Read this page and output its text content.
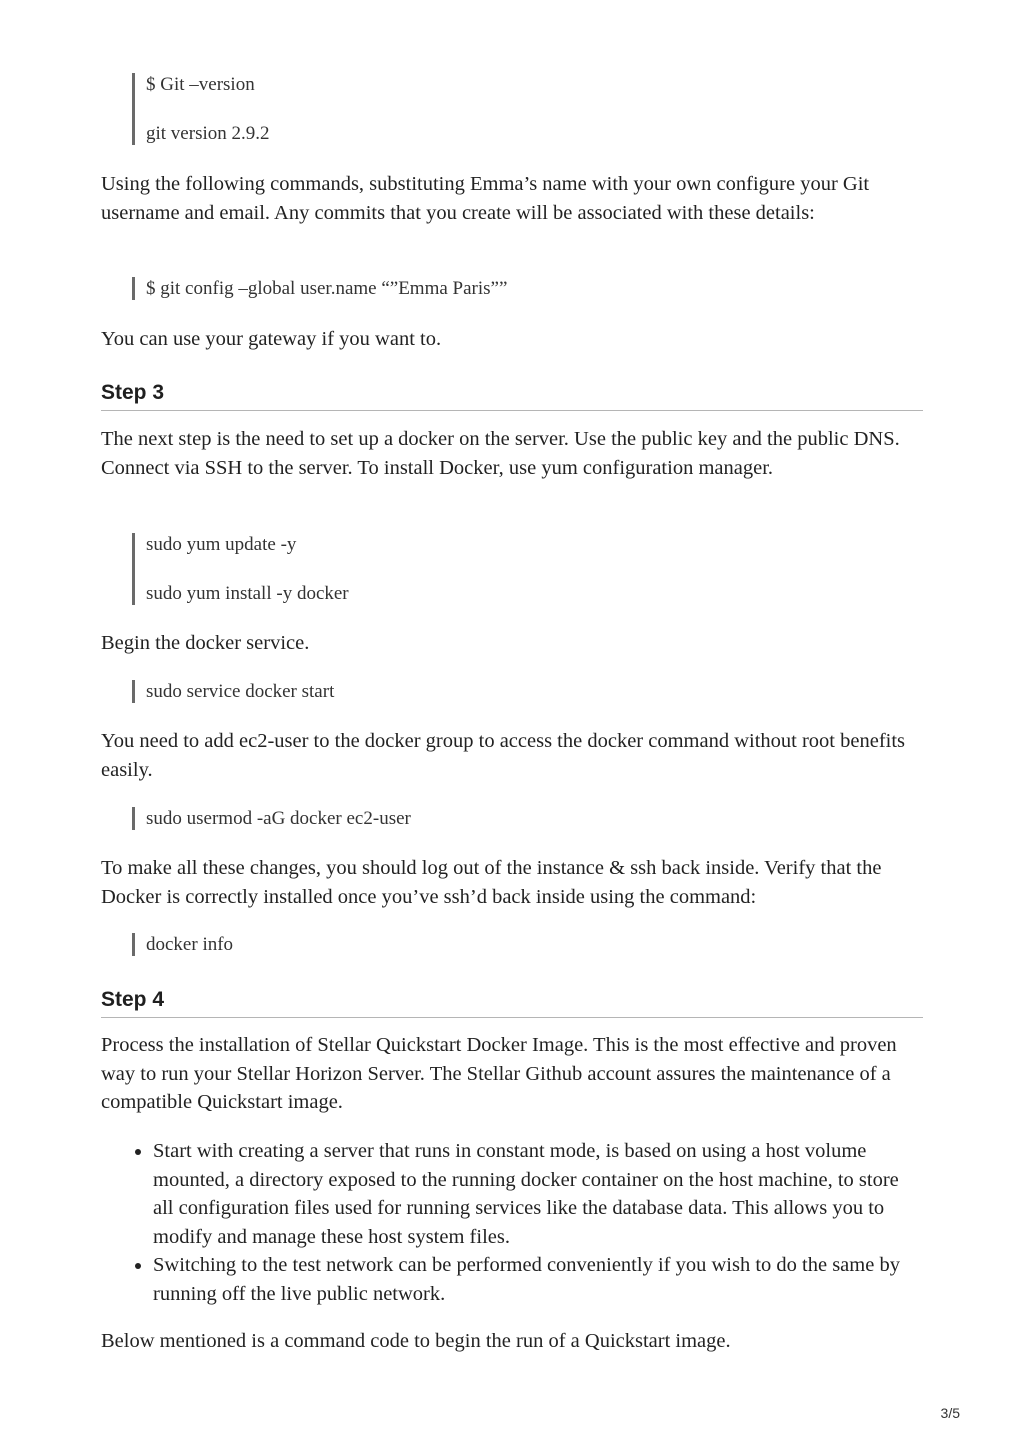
$ Git –version

git version 2.9.2

Using the following commands, substituting Emma’s name with your own configure your Git username and email. Any commits that you create will be associated with these details:

$ git config –global user.name “”Emma Paris””

You can use your gateway if you want to.

Step 3

The next step is the need to set up a docker on the server. Use the public key and the public DNS. Connect via SSH to the server. To install Docker, use yum configuration manager.

sudo yum update -y

sudo yum install -y docker

Begin the docker service.

sudo service docker start

You need to add ec2-user to the docker group to access the docker command without root benefits easily.

sudo usermod -aG docker ec2-user

To make all these changes, you should log out of the instance & ssh back inside. Verify that the Docker is correctly installed once you’ve ssh’d back inside using the command:

docker info

Step 4

Process the installation of Stellar Quickstart Docker Image. This is the most effective and proven way to run your Stellar Horizon Server. The Stellar Github account assures the maintenance of a compatible Quickstart image.

• Start with creating a server that runs in constant mode, is based on using a host volume mounted, a directory exposed to the running docker container on the host machine, to store all configuration files used for running services like the database data. This allows you to modify and manage these host system files.
• Switching to the test network can be performed conveniently if you wish to do the same by running off the live public network.

Below mentioned is a command code to begin the run of a Quickstart image.

3/5
